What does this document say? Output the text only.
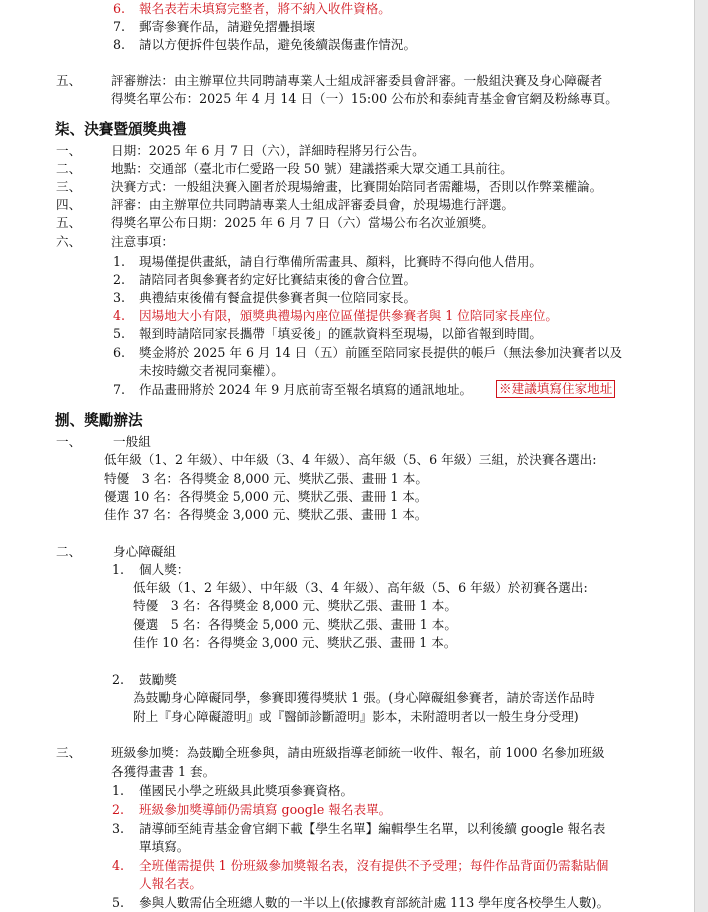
6. 報名表若未填寫完整者，將不納入收件資格。
7. 郵寄參賽作品，請避免摺疊損壞
8. 請以方便拆件包裝作品，避免後續誤傷畫作情況。
五、 評審辦法：由主辦單位共同聘請專業人士組成評審委員會評審。一般組決賽及身心障礙者
得獎名單公布：2025 年 4 月 14 日（一）15:00 公布於和泰純青基金會官網及粉絲專頁。
柒、決賽暨頒獎典禮
一、 日期：2025 年 6 月 7 日（六），詳細時程將另行公告。
二、 地點：交通部（臺北市仁愛路一段 50 號）建議搭乘大眾交通工具前往。
三、 決賽方式：一般組決賽入圍者於現場繪畫，比賽開始陪同者需離場，否則以作弊業權論。
四、 評審：由主辦單位共同聘請專業人士組成評審委員會，於現場進行評選。
五、 得獎名單公布日期：2025 年 6 月 7 日（六）當場公布名次並頒獎。
六、 注意事項：
1. 現場僅提供畫紙，請自行準備所需畫具、顏料，比賽時不得向他人借用。
2. 請陪同者與參賽者約定好比賽結束後的會合位置。
3. 典禮結束後備有餐盒提供參賽者與一位陪同家長。
4. 因場地大小有限，頒獎典禮場內座位區僅提供參賽者與 1 位陪同家長座位。
5. 報到時請陪同家長攜帶「填妥後」的匯款資料至現場，以節省報到時間。
6. 獎金將於 2025 年 6 月 14 日（五）前匯至陪同家長提供的帳戶（無法參加決賽者以及
未按時繳交者視同棄權）。
7. 作品畫冊將於 2024 年 9 月底前寄至報名填寫的通訊地址。 ※建議填寫住家地址
捌、獎勵辦法
一、	一般組
低年級（1、2 年級）、中年級（3、4 年級）、高年級（5、6 年級）三組，於決賽各選出:
特優　3 名：各得獎金 8,000 元、獎狀乙張、畫冊 1 本。
優選 10 名：各得獎金 5,000 元、獎狀乙張、畫冊 1 本。
佳作 37 名：各得獎金 3,000 元、獎狀乙張、畫冊 1 本。
二、	身心障礙組
1. 個人獎：
低年級（1、2 年級）、中年級（3、4 年級）、高年級（5、6 年級）於初賽各選出:
特優　3 名：各得獎金 8,000 元、獎狀乙張、畫冊 1 本。
優選　5 名：各得獎金 5,000 元、獎狀乙張、畫冊 1 本。
佳作 10 名：各得獎金 3,000 元、獎狀乙張、畫冊 1 本。
2. 鼓勵獎
為鼓勵身心障礙同學，參賽即獲得獎狀 1 張。(身心障礙組參賽者，請於寄送作品時
附上『身心障礙證明』或『醫師診斷證明』影本，未附證明者以一般生身分受理)
三、 班級參加獎：為鼓勵全班參與，請由班級指導老師統一收件、報名，前 1000 名參加班級
各獲得畫書 1 套。
1. 僅國民小學之班級具此獎項參賽資格。
2. 班級參加獎導師仍需填寫 google 報名表單。
3. 請導師至純青基金會官網下載【學生名單】編輯學生名單，以利後續 google 報名表
單填寫。
4. 全班僅需提供 1 份班級參加獎報名表，沒有提供不予受理；每件作品背面仍需黏貼個
人報名表。
5. 參與人數需佔全班總人數的一半以上(依據教育部統計處 113 學年度各校學生人數)。
